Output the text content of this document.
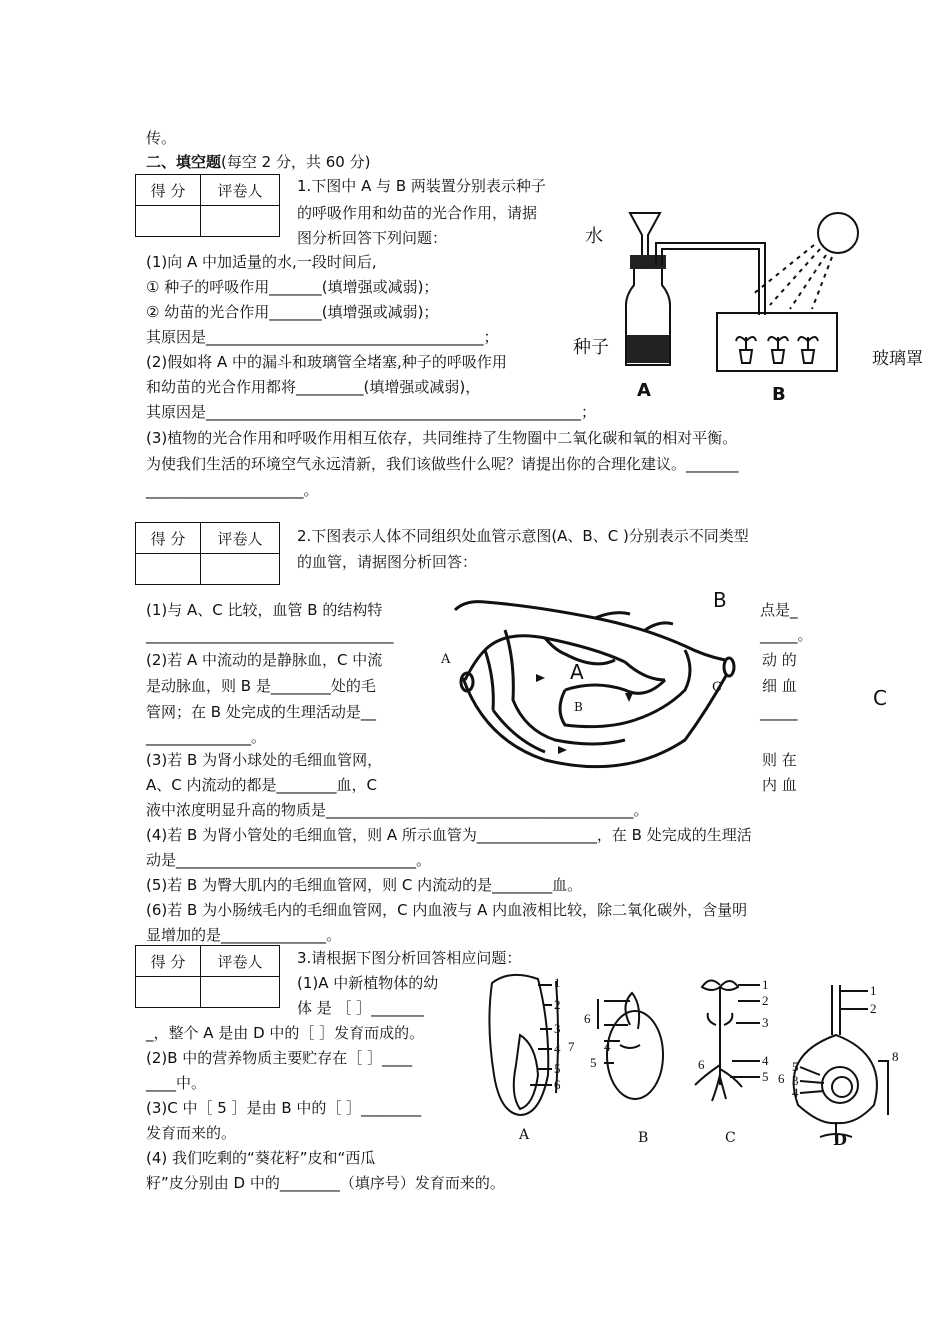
传。
二、填空题(每空 2 分，共 60 分)
得 分	评卷人
	1.下图中 A 与 B 两装置分别表示种子
的呼吸作用和幼苗的光合作用，请据
图分析回答下列问题：
(1)向 A 中加适量的水,一段时间后,
① 种子的呼吸作用_______(填增强或减弱)；
② 幼苗的光合作用_______(填增强或减弱)；
其原因是_____________________________________；
(2)假如将 A 中的漏斗和玻璃管全堵塞,种子的呼吸作用
和幼苗的光合作用都将_________(填增强或减弱)，
其原因是__________________________________________________；
(3)植物的光合作用和呼吸作用相互依存，共同维持了生物圈中二氧化碳和氧的相对平衡。
为使我们生活的环境空气永远清新，我们该做些什么呢？请提出你的合理化建议。_______
_____________________。
水
种子
玻璃罩
A	B
得 分	评卷人
	2.下图表示人体不同组织处血管示意图(A、B、C )分别表示不同类型
的血管，请据图分析回答：
(1)与 A、C 比较，血管 B 的结构特	点是_
_________________________________	_____。
(2)若 A 中流动的是静脉血，C 中流	动 的
是动脉血，则 B 是________处的毛	细 血
管网；在 B 处完成的生理活动是__	_____
______________。
(3)若 B 为肾小球处的毛细血管网，	则 在
A、C 内流动的都是________血，C	内 血
液中浓度明显升高的物质是_________________________________________。
(4)若 B 为肾小管处的毛细血管，则 A 所示血管为________________，在 B 处完成的生理活
动是________________________________。
(5)若 B 为臀大肌内的毛细血管网，则 C 内流动的是________血。
(6)若 B 为小肠绒毛内的毛细血管网，C 内血液与 A 内血液相比较，除二氧化碳外，含量明
显增加的是______________。
B
C
A
A
B
C
得 分	评卷人
	3.请根据下图分析回答相应问题：
(1)A 中新植物体的幼
体 是 ［ ］_______
_，整个 A 是由 D 中的［ ］发育而成的。
(2)B 中的营养物质主要贮存在［ ］____
____中。
(3)C 中［ 5 ］是由 B 中的［ ］________
发育而来的。
(4) 我们吃剩的“葵花籽”皮和“西瓜
籽”皮分别由 D 中的________（填序号）发育而来的。
1
2
3
4
5
6
7
6
5
4
1
2
3
4
5
6
1
2
8
5
3
4
6
A	B	C	D
